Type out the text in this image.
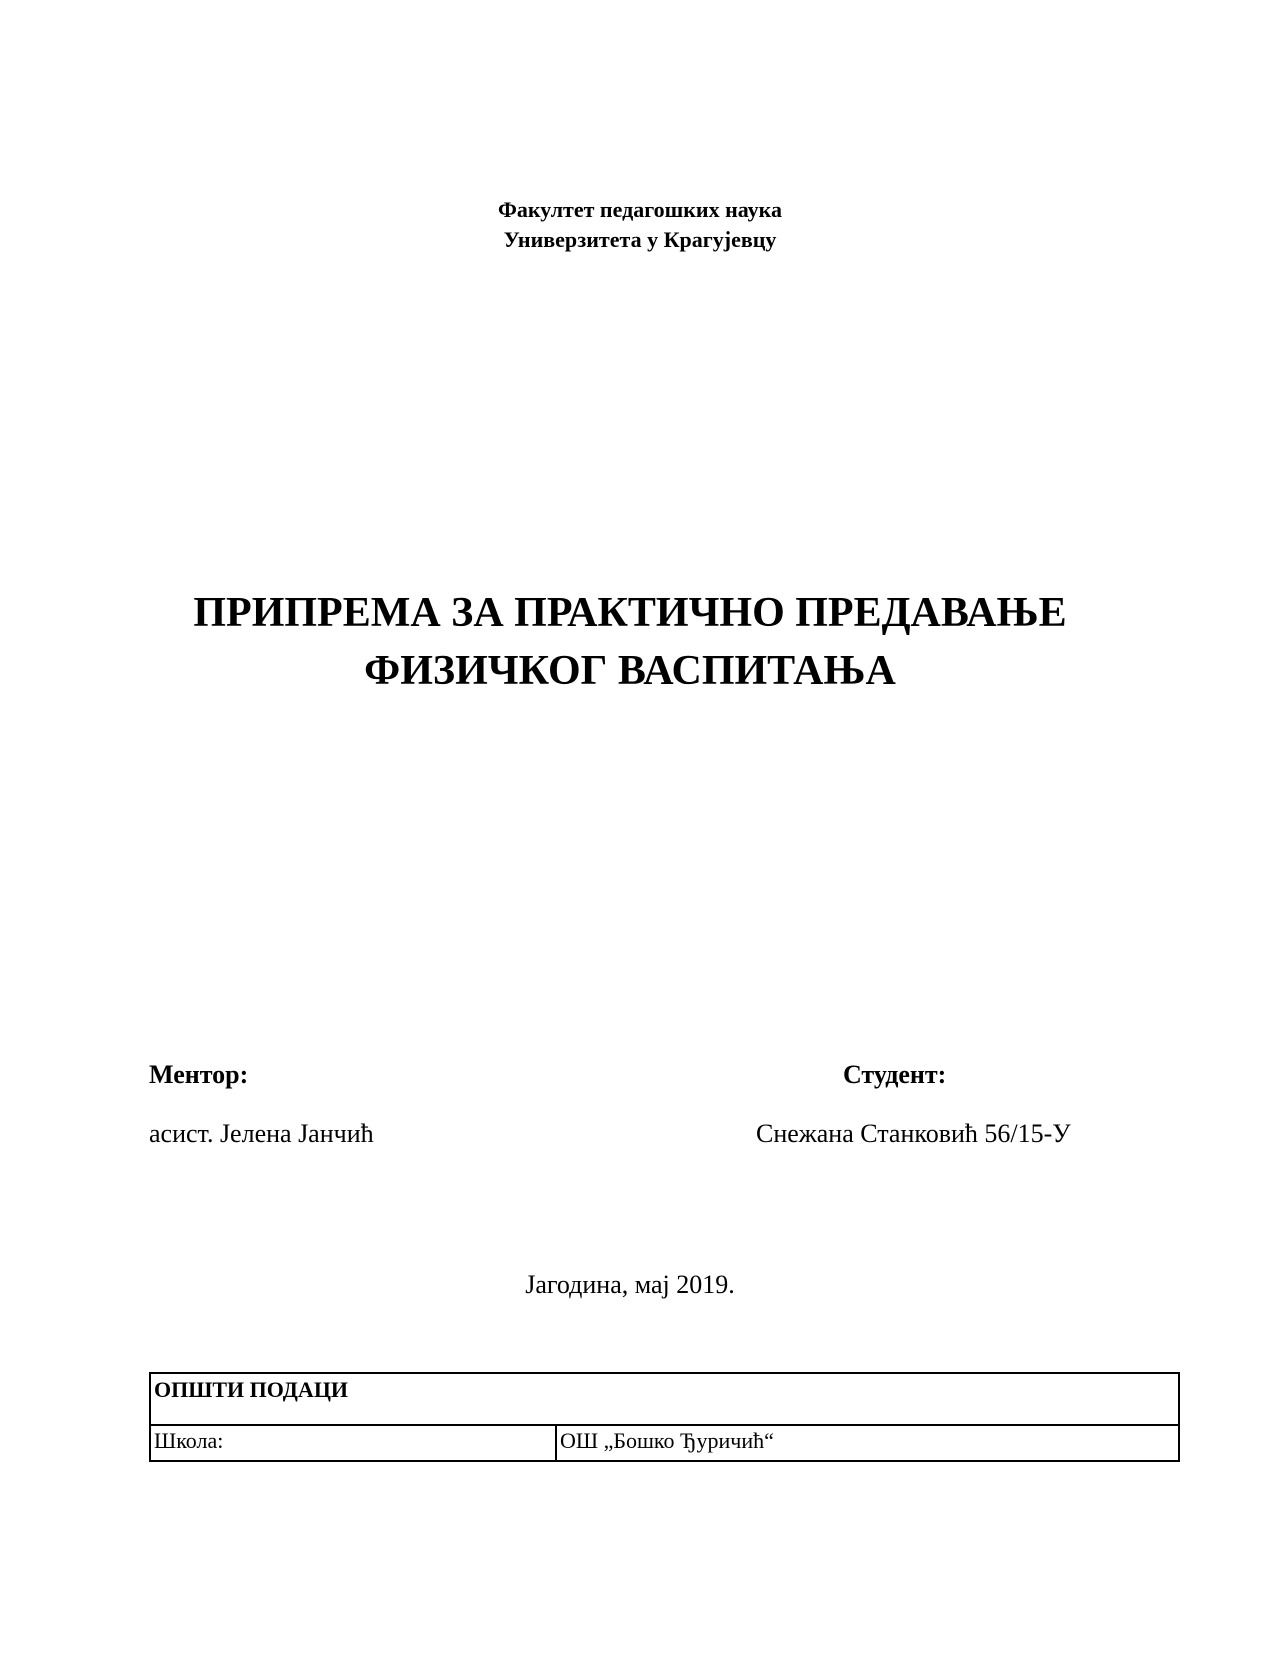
Факултет педагошких наука
Универзитета у Крагујевцу
ПРИПРЕМА ЗА ПРАКТИЧНО ПРЕДАВАЊЕ
ФИЗИЧКОГ ВАСПИТАЊА
Ментор:	Студент:
асист. Јелена Јанчић	Снежана Станковић 56/15-У
Јагодина, мај 2019.
ОПШТИ ПОДАЦИ
Школа:	ОШ „Бошко Ђуричић“
